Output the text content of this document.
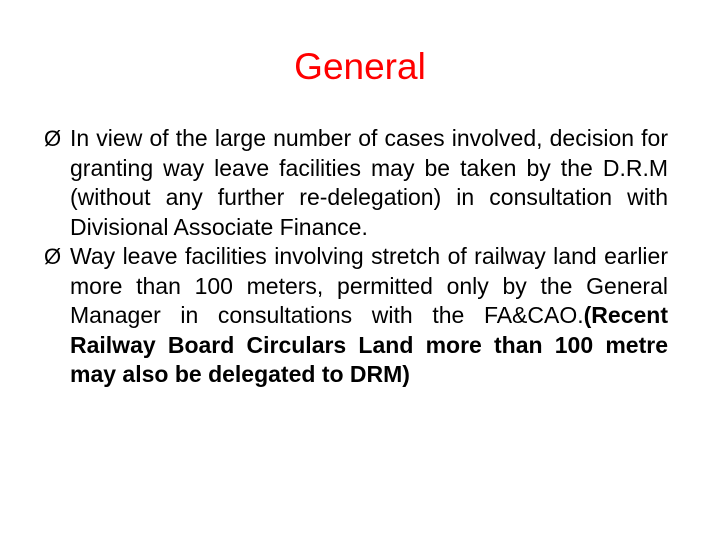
General
Ø In view of the large number of cases involved, decision for granting way leave facilities may be taken by the D.R.M (without any further re-delegation) in consultation with Divisional Associate Finance.
Ø Way leave facilities involving stretch of railway land earlier more than 100 meters, permitted only by the General Manager in consultations with the FA&CAO.(Recent Railway Board Circulars Land more than 100 metre may also be delegated to DRM)
